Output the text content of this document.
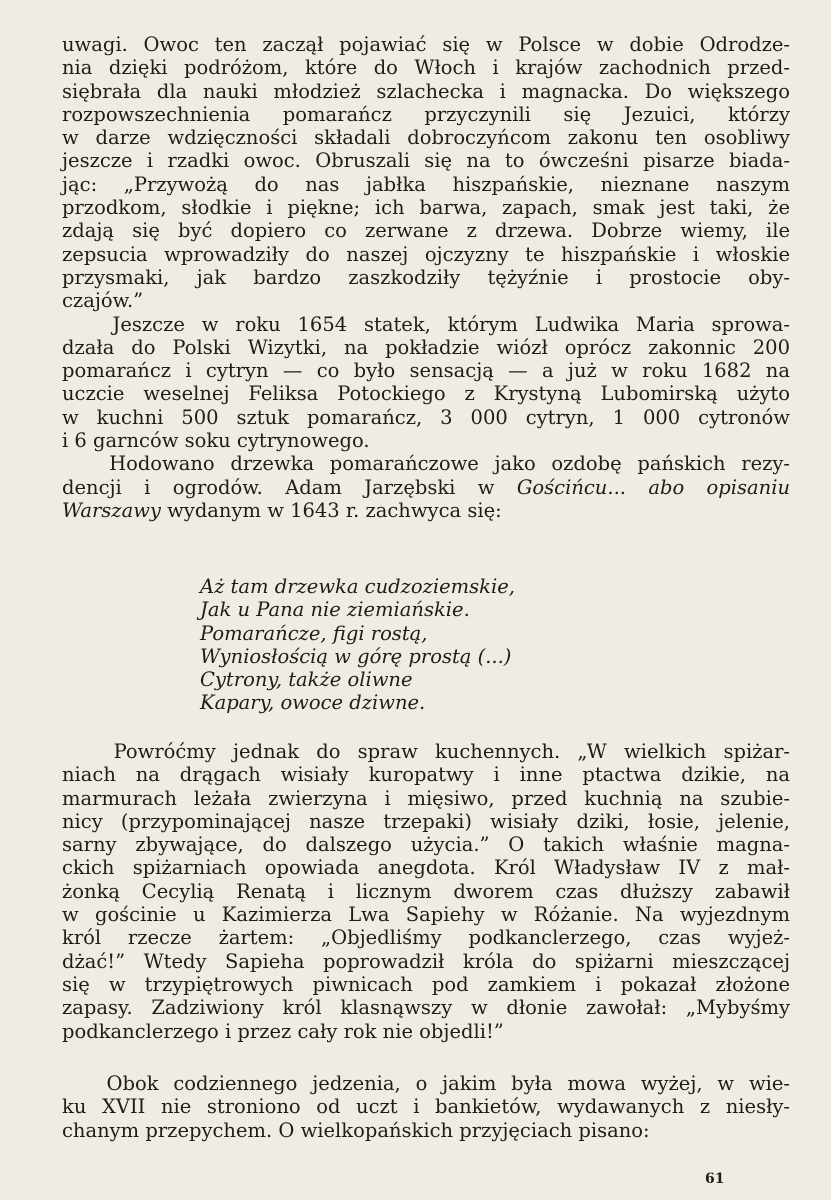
uwagi. Owoc ten zaczął pojawiać się w Polsce w dobie Odrodze-
nia dzięki podróżom, które do Włoch i krajów zachodnich przed-
siębrała dla nauki młodzież szlachecka i magnacka. Do większego
rozpowszechnienia pomarańcz przyczynili się Jezuici, którzy
w darze wdzięczności składali dobroczyńcom zakonu ten osobliwy
jeszcze i rzadki owoc. Obruszali się na to ówcześni pisarze biada-
jąc: „Przywożą do nas jabłka hiszpańskie, nieznane naszym
przodkom, słodkie i piękne; ich barwa, zapach, smak jest taki, że
zdają się być dopiero co zerwane z drzewa. Dobrze wiemy, ile
zepsucia wprowadziły do naszej ojczyzny te hiszpańskie i włoskie
przysmaki, jak bardzo zaszkodziły tężyźnie i prostocie oby-
czajów.”
Jeszcze w roku 1654 statek, którym Ludwika Maria sprowa-
dzała do Polski Wizytki, na pokładzie wiózł oprócz zakonnic 200
pomarańcz i cytryn — co było sensacją — a już w roku 1682 na
uczcie weselnej Feliksa Potockiego z Krystyną Lubomirską użyto
w kuchni 500 sztuk pomarańcz, 3 000 cytryn, 1 000 cytronów
i 6 garnców soku cytrynowego.
Hodowano drzewka pomarańczowe jako ozdobę pańskich rezy-
dencji i ogrodów. Adam Jarzębski w Gościńcu... abo opisaniu
Warszawy wydanym w 1643 r. zachwyca się:
Aż tam drzewka cudzoziemskie,
Jak u Pana nie ziemiańskie.
Pomarańcze, figi rostą,
Wyniosłością w górę prostą (...)
Cytrony, także oliwne
Kapary, owoce dziwne.
Powróćmy jednak do spraw kuchennych. „W wielkich spiżar-
niach na drągach wisiały kuropatwy i inne ptactwa dzikie, na
marmurach leżała zwierzyna i mięsiwo, przed kuchnią na szubie-
nicy (przypominającej nasze trzepaki) wisiały dziki, łosie, jelenie,
sarny zbywające, do dalszego użycia.” O takich właśnie magna-
ckich spiżarniach opowiada anegdota. Król Władysław IV z mał-
żonką Cecylią Renatą i licznym dworem czas dłuższy zabawił
w gościnie u Kazimierza Lwa Sapiehy w Różanie. Na wyjezdnym
król rzecze żartem: „Objedliśmy podkanclerzego, czas wyjeż-
dżać!” Wtedy Sapieha poprowadził króla do spiżarni mieszczącej
się w trzypiętrowych piwnicach pod zamkiem i pokazał złożone
zapasy. Zadziwiony król klasnąwszy w dłonie zawołał: „Mybyśmy
podkanclerzego i przez cały rok nie objedli!”
Obok codziennego jedzenia, o jakim była mowa wyżej, w wie-
ku XVII nie stroniono od uczt i bankietów, wydawanych z niesły-
chanym przepychem. O wielkopańskich przyjęciach pisano:
61
